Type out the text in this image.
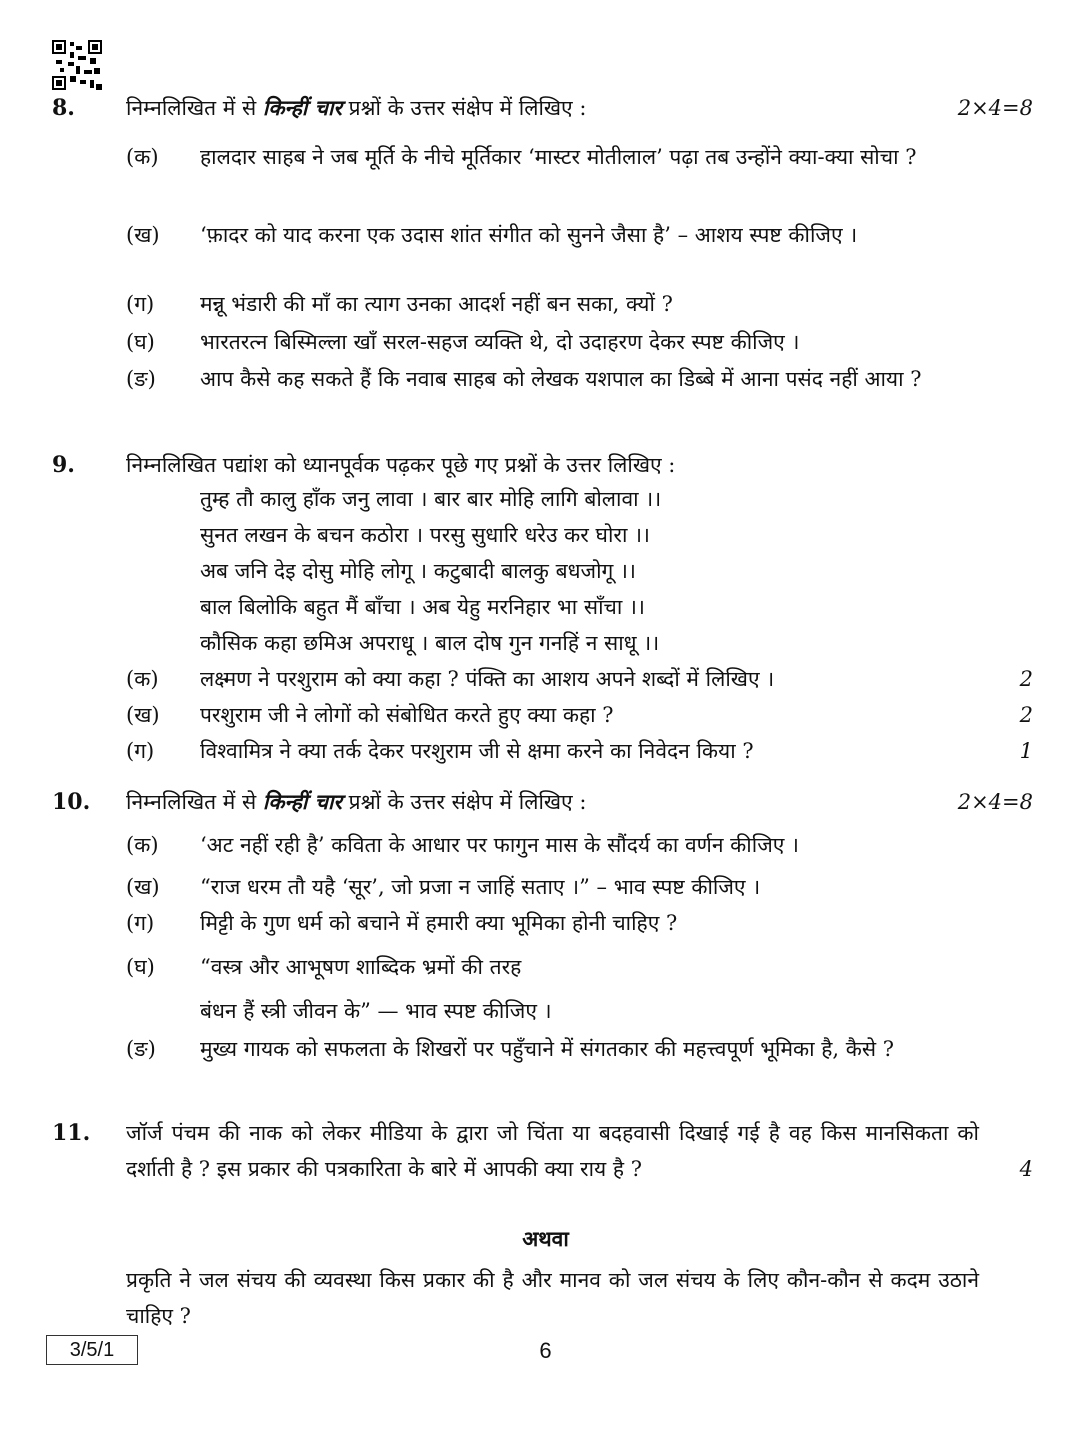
8. निम्नलिखित में से किन्हीं चार प्रश्नों के उत्तर संक्षेप में लिखिए :	2×4=8
(क) हालदार साहब ने जब मूर्ति के नीचे मूर्तिकार ‘मास्टर मोतीलाल’ पढ़ा तब उन्होंने क्या-क्या सोचा ?
(ख) ‘फ़ादर को याद करना एक उदास शांत संगीत को सुनने जैसा है’ – आशय स्पष्ट कीजिए ।
(ग) मन्नू भंडारी की माँ का त्याग उनका आदर्श नहीं बन सका, क्यों ?
(घ) भारतरत्न बिस्मिल्ला खाँ सरल-सहज व्यक्ति थे, दो उदाहरण देकर स्पष्ट कीजिए ।
(ङ) आप कैसे कह सकते हैं कि नवाब साहब को लेखक यशपाल का डिब्बे में आना पसंद नहीं आया ?
9. निम्नलिखित पद्यांश को ध्यानपूर्वक पढ़कर पूछे गए प्रश्नों के उत्तर लिखिए :
तुम्ह तौ कालु हाँक जनु लावा । बार बार मोहि लागि बोलावा ।।
सुनत लखन के बचन कठोरा । परसु सुधारि धरेउ कर घोरा ।।
अब जनि देइ दोसु मोहि लोगू । कटुबादी बालकु बधजोगू ।।
बाल बिलोकि बहुत मैं बाँचा । अब येहु मरनिहार भा साँचा ।।
कौसिक कहा छमिअ अपराधू । बाल दोष गुन गनहिं न साधू ।।
(क) लक्ष्मण ने परशुराम को क्या कहा ? पंक्ति का आशय अपने शब्दों में लिखिए ।	2
(ख) परशुराम जी ने लोगों को संबोधित करते हुए क्या कहा ?	2
(ग) विश्वामित्र ने क्या तर्क देकर परशुराम जी से क्षमा करने का निवेदन किया ?	1
10. निम्नलिखित में से किन्हीं चार प्रश्नों के उत्तर संक्षेप में लिखिए :	2×4=8
(क) ‘अट नहीं रही है’ कविता के आधार पर फागुन मास के सौंदर्य का वर्णन कीजिए ।
(ख) “राज धरम तौ यहै ‘सूर’, जो प्रजा न जाहिं सताए ।” – भाव स्पष्ट कीजिए ।
(ग) मिट्टी के गुण धर्म को बचाने में हमारी क्या भूमिका होनी चाहिए ?
(घ) “वस्त्र और आभूषण शाब्दिक भ्रमों की तरह
बंधन हैं स्त्री जीवन के” — भाव स्पष्ट कीजिए ।
(ङ) मुख्य गायक को सफलता के शिखरों पर पहुँचाने में संगतकार की महत्त्वपूर्ण भूमिका है, कैसे ?
11. जॉर्ज पंचम की नाक को लेकर मीडिया के द्वारा जो चिंता या बदहवासी दिखाई गई है वह किस मानसिकता को दर्शाती है ? इस प्रकार की पत्रकारिता के बारे में आपकी क्या राय है ?	4
अथवा
प्रकृति ने जल संचय की व्यवस्था किस प्रकार की है और मानव को जल संचय के लिए कौन-कौन से कदम उठाने चाहिए ?
3/5/1	6
